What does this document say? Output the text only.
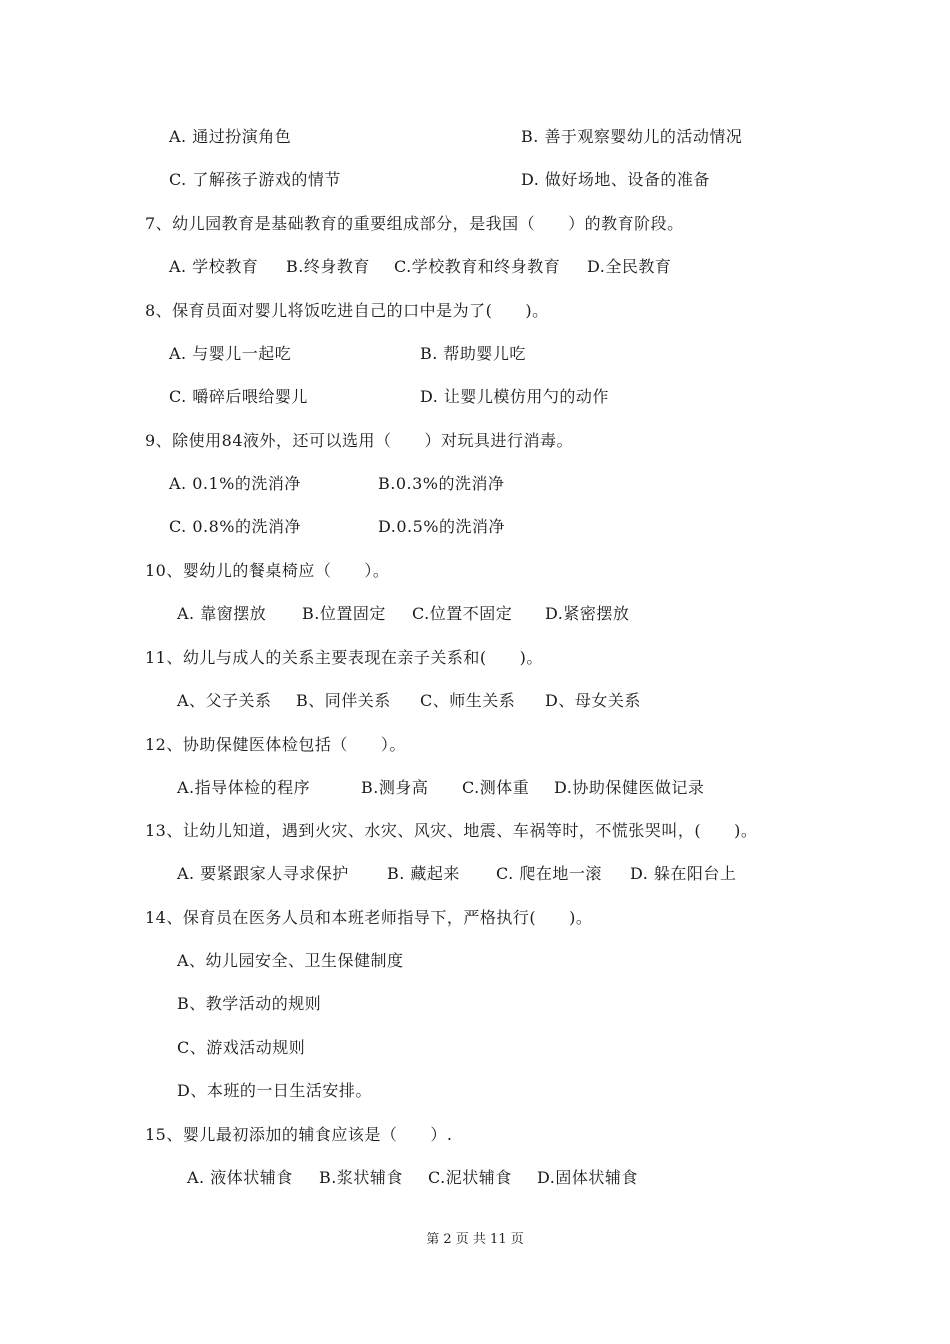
A. 通过扮演角色	B. 善于观察婴幼儿的活动情况
C. 了解孩子游戏的情节	D. 做好场地、设备的准备
7、幼儿园教育是基础教育的重要组成部分，是我国（　　）的教育阶段。
A. 学校教育 B.终身教育 C.学校教育和终身教育 D.全民教育
8、保育员面对婴儿将饭吃进自己的口中是为了(　　)。
A. 与婴儿一起吃	B. 帮助婴儿吃
C. 嚼碎后喂给婴儿	D. 让婴儿模仿用勺的动作
9、除使用84液外，还可以选用（　　）对玩具进行消毒。
A. 0.1%的洗消净	B.0.3%的洗消净
C. 0.8%的洗消净	D.0.5%的洗消净
10、婴幼儿的餐桌椅应（　　）。
A. 靠窗摆放 B.位置固定 C.位置不固定 D.紧密摆放
11、幼儿与成人的关系主要表现在亲子关系和(　　)。
A、父子关系 B、同伴关系 C、师生关系 D、母女关系
12、协助保健医体检包括（　　）。
A.指导体检的程序	B.测身高 C.测体重 D.协助保健医做记录
13、让幼儿知道，遇到火灾、水灾、风灾、地震、车祸等时，不慌张哭叫，(　　)。
A. 要紧跟家人寻求保护 B. 藏起来 C. 爬在地一滚 D. 躲在阳台上
14、保育员在医务人员和本班老师指导下，严格执行(　　)。
A、幼儿园安全、卫生保健制度
B、教学活动的规则
C、游戏活动规则
D、本班的一日生活安排。
15、婴儿最初添加的辅食应该是（　　）.
A. 液体状辅食 B.浆状辅食 C.泥状辅食 D.固体状辅食
第 2 页 共 11 页
